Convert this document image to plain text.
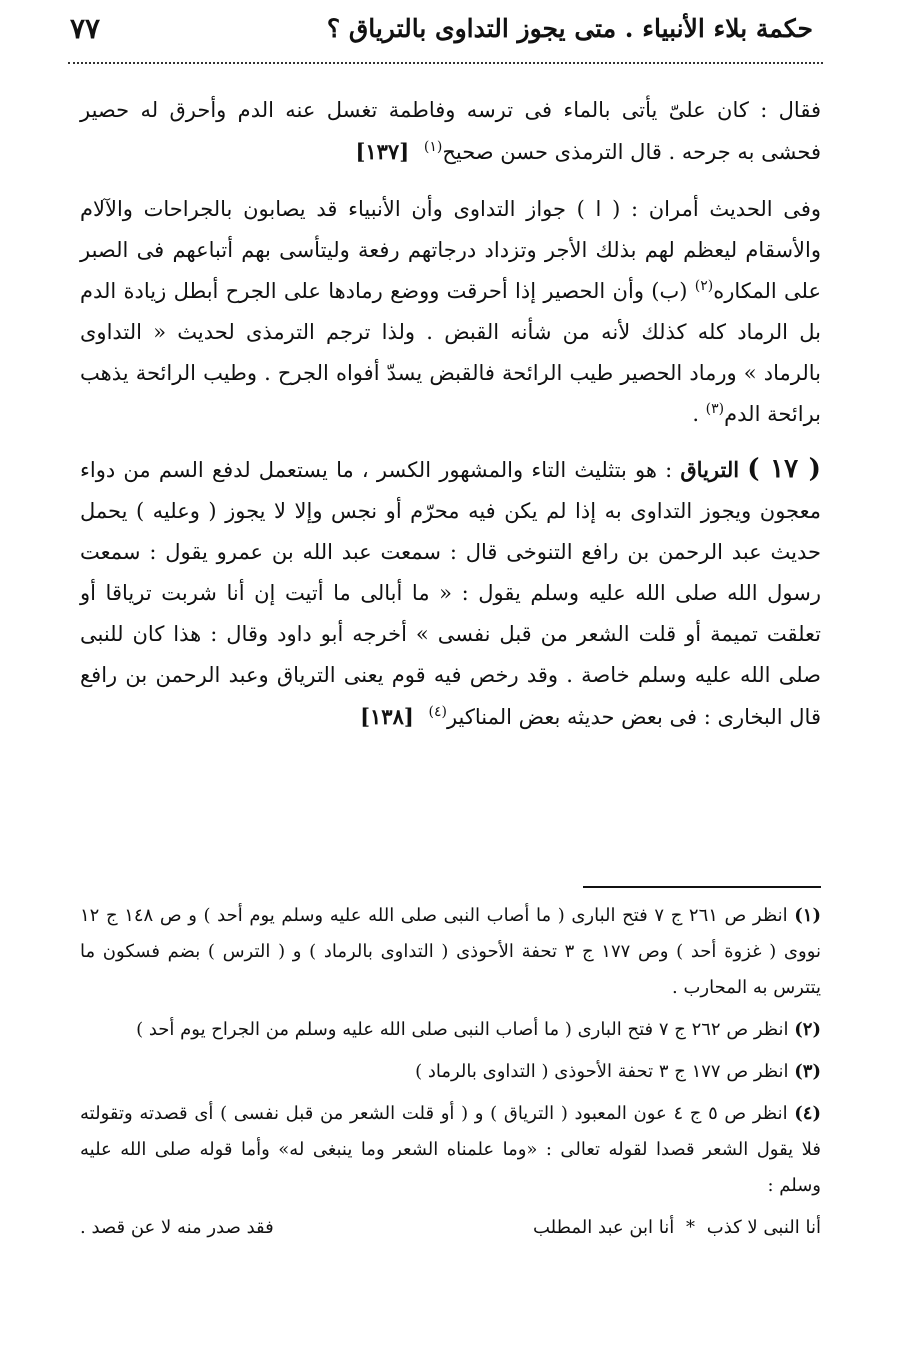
حكمة بلاء الأنبياء . متى يجوز التداوى بالترياق ؟
٧٧

فقال : كان علىّ يأتى بالماء فى ترسه وفاطمة تغسل عنه الدم وأحرق له حصير فحشى به جرحه . قال الترمذى حسن صحيح$^{(١)}$ [١٣٧]

وفى الحديث أمران : ( ا ) جواز التداوى وأن الأنبياء قد يصابون بالجراحات والآلام والأسقام ليعظم لهم بذلك الأجر وتزداد درجاتهم رفعة وليتأسى بهم أتباعهم فى الصبر على المكاره$^{(٢)}$ (ب) وأن الحصير إذا أحرقت ووضع رمادها على الجرح أبطل زيادة الدم بل الرماد كله كذلك لأنه من شأنه القبض . ولذا ترجم الترمذى لحديث « التداوى بالرماد » ورماد الحصير طيب الرائحة فالقبض يسدّ أفواه الجرح . وطيب الرائحة يذهب برائحة الدم$^{(٣)}$ .

( ١٧ ) الترياق : هو بتثليث التاء والمشهور الكسر ، ما يستعمل لدفع السم من دواء معجون ويجوز التداوى به إذا لم يكن فيه محرّم أو نجس وإلا لا يجوز ( وعليه ) يحمل حديث عبد الرحمن بن رافع التنوخى قال : سمعت عبد الله بن عمرو يقول : سمعت رسول الله صلى الله عليه وسلم يقول : « ما أبالى ما أتيت إن أنا شربت ترياقا أو تعلقت تميمة أو قلت الشعر من قبل نفسى » أخرجه أبو داود وقال : هذا كان للنبى صلى الله عليه وسلم خاصة . وقد رخص فيه قوم يعنى الترياق وعبد الرحمن بن رافع قال البخارى : فى بعض حديثه بعض المناكير$^{(٤)}$ [١٣٨]

(١) انظر ص ٢٦١ ج ٧ فتح البارى ( ما أصاب النبى صلى الله عليه وسلم يوم أحد ) و ص ١٤٨ ج ١٢ نووى ( غزوة أحد ) وص ١٧٧ ج ٣ تحفة الأحوذى ( التداوى بالرماد ) و ( الترس ) بضم فسكون ما يتترس به المحارب .

(٢) انظر ص ٢٦٢ ج ٧ فتح البارى ( ما أصاب النبى صلى الله عليه وسلم من الجراح يوم أحد )

(٣) انظر ص ١٧٧ ج ٣ تحفة الأحوذى ( التداوى بالرماد )

(٤) انظر ص ٥ ج ٤ عون المعبود ( الترياق ) و ( أو قلت الشعر من قبل نفسى ) أى قصدته وتقولته فلا يقول الشعر قصدا لقوله تعالى : «وما علمناه الشعر وما ينبغى له» وأما قوله صلى الله عليه وسلم :

أنا النبى لا كذب * أنا ابن عبد المطلب
فقد صدر منه لا عن قصد .
